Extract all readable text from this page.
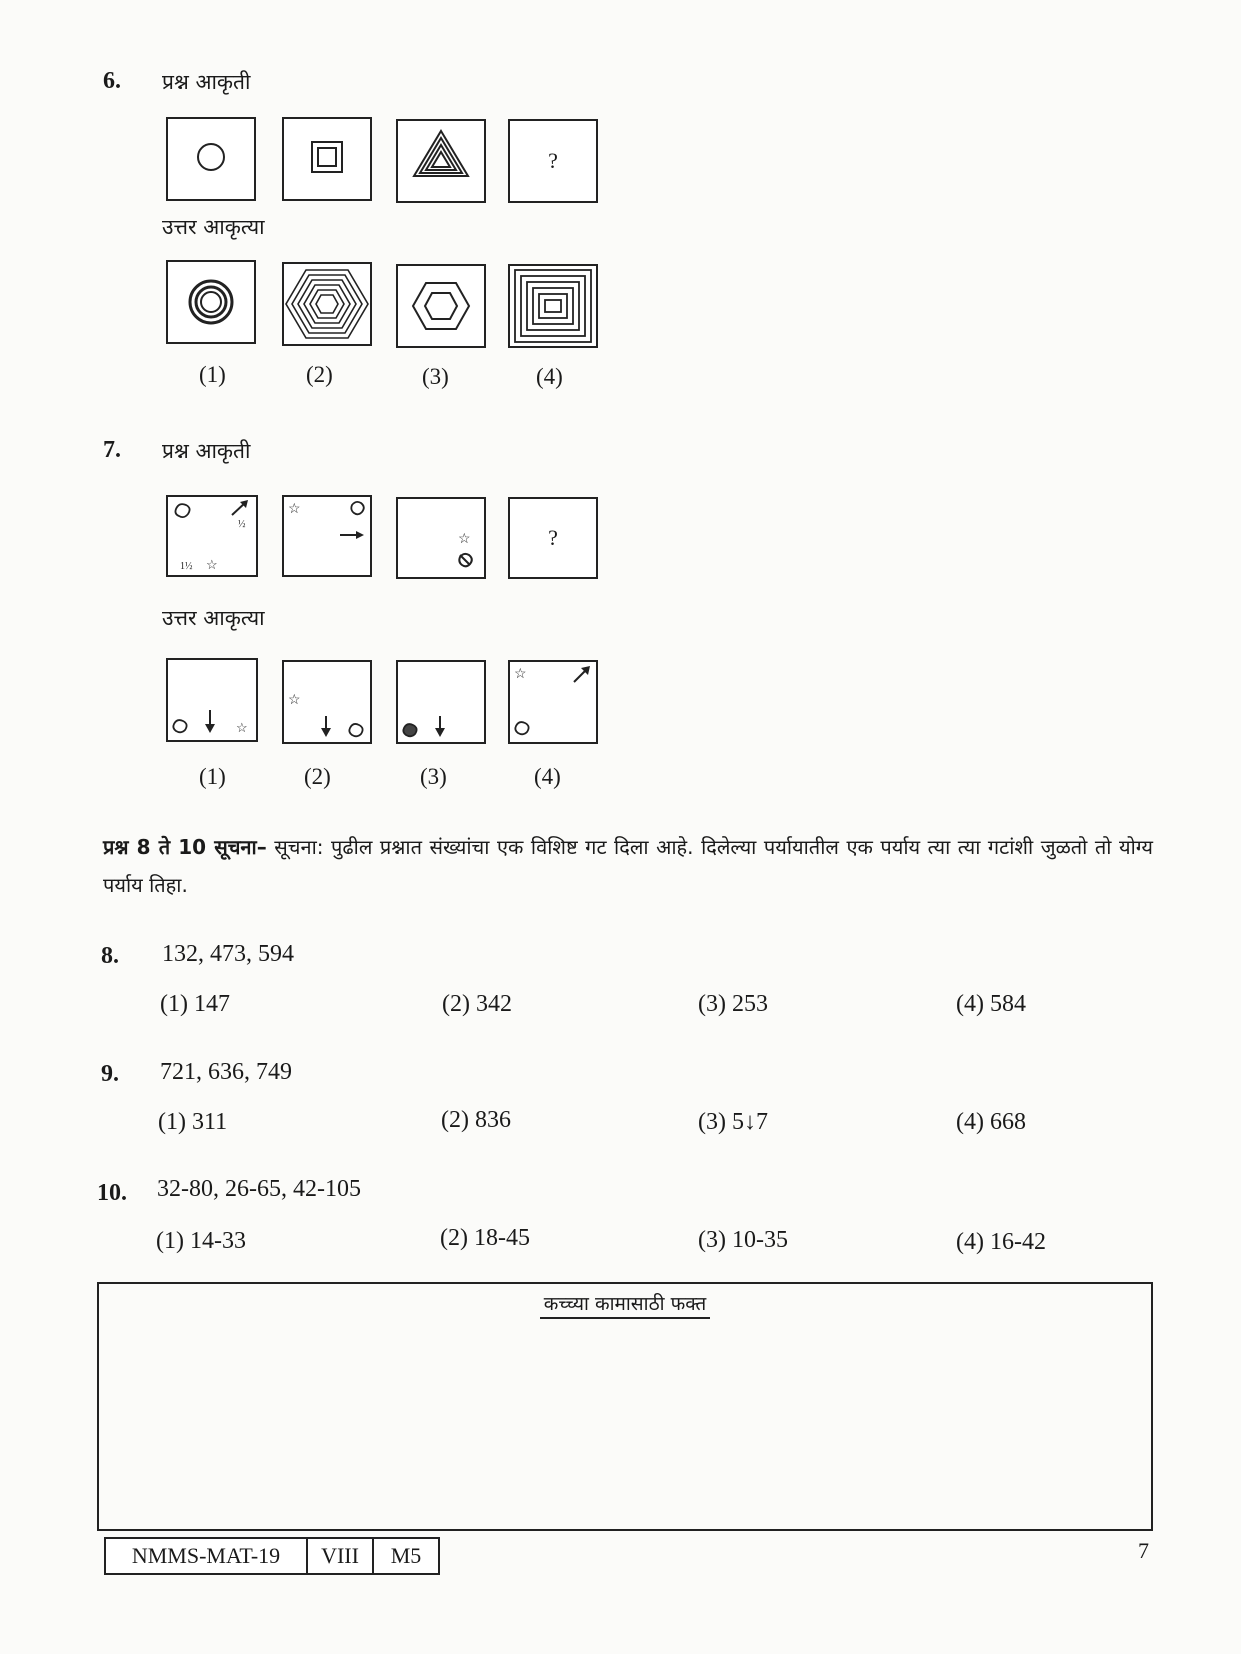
6. प्रश्न आकृती
?
उत्तर आकृत्या
(1)	(2)	(3)	(4)
7. प्रश्न आकृती
½
1½ ☆
☆
☆	?
उत्तर आकृत्या
☆
☆
☆
(1)	(2)	(3)	(4)
प्रश्न 8 ते 10 सूचना– सूचना: पुढील प्रश्नात संख्यांचा एक विशिष्ट गट दिला आहे. दिलेल्या पर्यायातील एक पर्याय त्या त्या गटांशी जुळतो तो योग्य पर्याय तिहा.
8. 132, 473, 594
(1) 147	(2) 342	(3) 253	(4) 584
9. 721, 636, 749
(1) 311	(2) 836	(3) 5↓7	(4) 668
10. 32-80, 26-65, 42-105
(1) 14-33	(2) 18-45	(3) 10-35	(4) 16-42
कच्च्या कामासाठी फक्त
NMMS-MAT-19	VIII	M5	7
